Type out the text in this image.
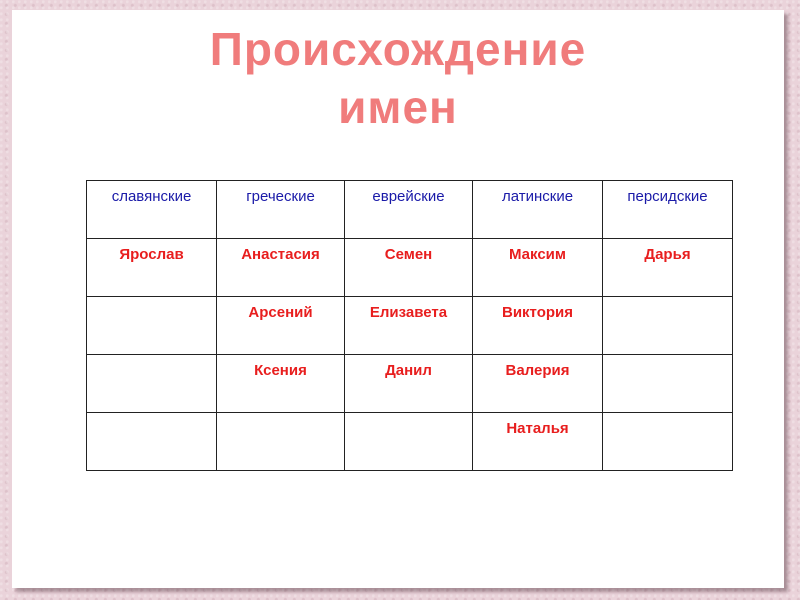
Происхождение
имен
славянские	греческие	еврейские	латинские	персидские
Ярослав	Анастасия	Семен	Максим	Дарья
	Арсений	Елизавета	Виктория	
	Ксения	Данил	Валерия	
			Наталья	
